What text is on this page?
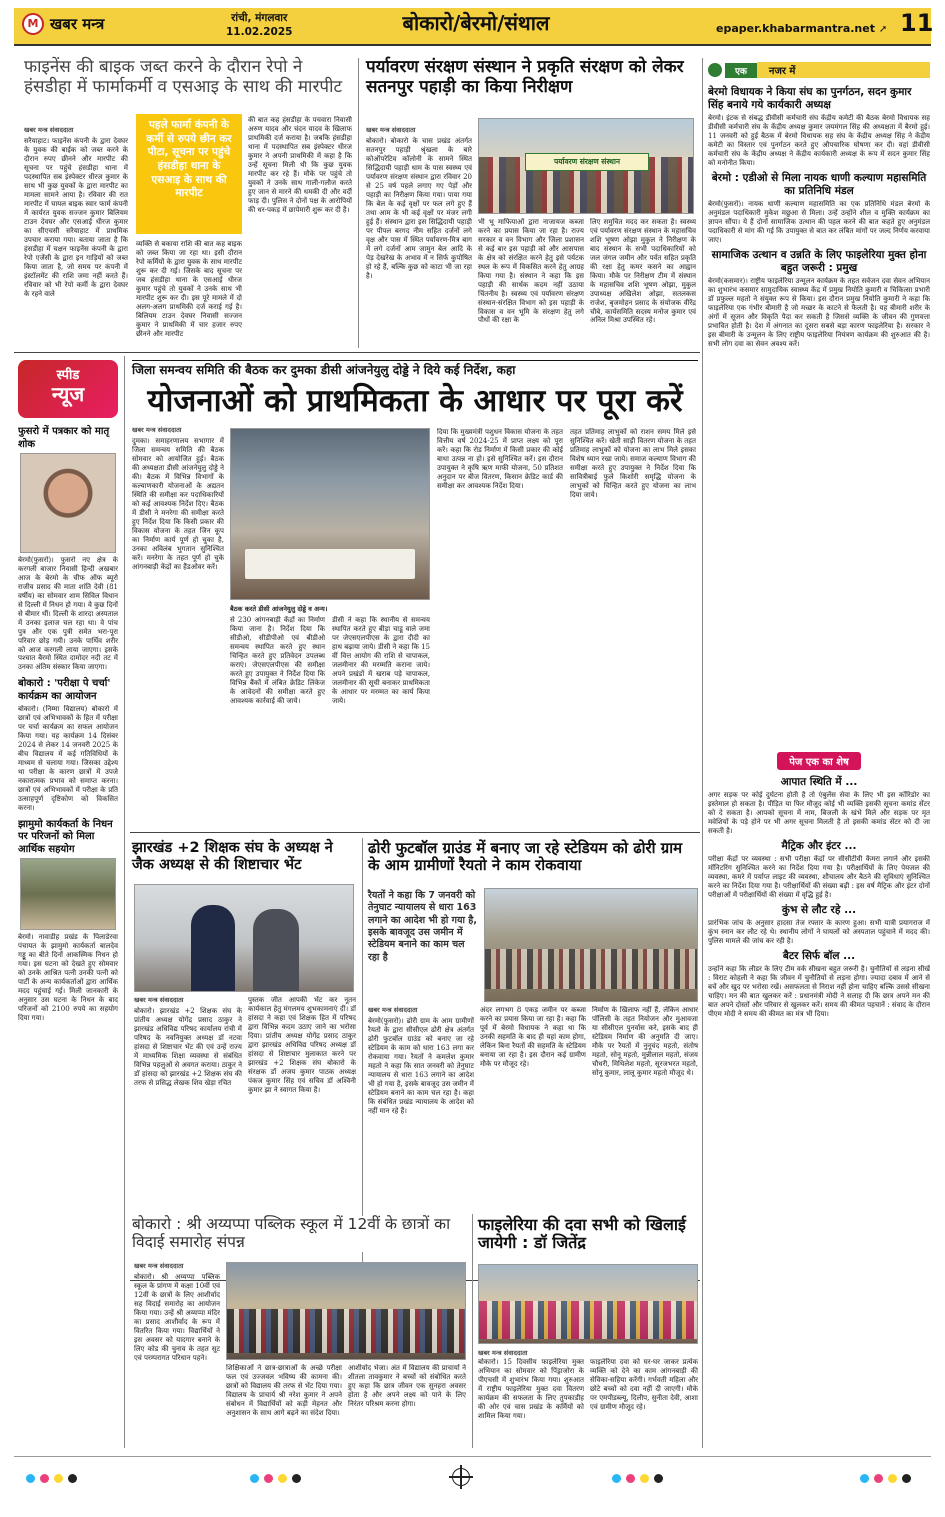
M खबर मन्त्र	रांची, मंगलवार
11.02.2025	बोकारो/बेरमो/संथाल	epaper.khabarmantra.net ➚ 11
फाइनेंस की बाइक जब्त करने के दौरान रेपो ने हंसडीहा में फार्माकर्मी व एसआइ के साथ की मारपीट
खबर मन्त्र संवाददाता
सरैयाहाट। फाइनेंस कंपनी के द्वारा देवघर के युवक की बाईक को जब्त करने के दौरान रुपए छीनने और मारपीट की सूचना पर पहुंचे हंसडीहा थाना में पदस्थापित सब इंस्पेक्टर धीरज कुमार के साथ भी कुछ युवकों के द्वारा मारपीट का मामला सामने आया है। रविवार की रात मारपीट में घायल बाइक स्वार फार्म कंपनी में कार्यरत युवक सज्जन कुमार बिलियम टाउन देवघर और एसआई धीरज कुमार का सीएचसी सरैयाहाट में प्राथमिक उपचार कराया गया। बताया जाता है कि हंसडीहा में चक्षन फाइनेंस कंपनी के द्वारा रेपो एजेंसी के द्वारा इन गाड़ियों को जब्त किया जाता है, जो समय पर कंपनी में इंस्टॉलमेंट की राशि जमा नहीं करते हैं। रविवार को भी रेपो कर्मी के द्वारा देवघर के रहने वाले
पहले फार्मा कंपनी के कर्मी से रुपये छीन कर पीटा, सूचना पर पहुंचे हंसडीहा थाना के एसआइ के साथ की मारपीट
व्यक्ति से बकाया राशि की बात कह बाइक को जब्त किया जा रहा था। इसी दौरान रेपो कर्मियों के द्वारा युवक के साथ मारपीट शुरू कर दी गई। जिसके बाद सूचना पर जब हंसडीहा थाना के एसआई धीरज कुमार पहुंचे तो युवकों ने उनके साथ भी मारपीट शुरू कर दी। इस पूरे मामले में दो अलग-अलग प्राथमिकी दर्ज कराई गई है। बिलियम टाउन देवघर निवासी सज्जन कुमार ने प्राथमिकी में चार हजार रुपए छीनने और मारपीट
की बात कह हंसडीहा के पचवारा निवासी अरुण यादव और चंदन यादव के खिलाफ प्राथमिकी दर्ज कराया है। जबकि हंसडीहा थाना में पदस्थापित सब इंस्पेक्टर धीरज कुमार ने अपनी प्राथमिकी में कहा है कि उन्हें सूचना मिली थी कि कुछ युवक मारपीट कर रहे हैं। मौके पर पहुंचे तो युवकों ने उनके साथ गाली-गलौज करते हुए जान से मारने की धमकी दी और वर्दी फाड़ दी। पुलिस ने दोनों पक्ष के आरोपियों की धर-पकड़ में छापेमारी शुरू कर दी है।
पर्यावरण संरक्षण संस्थान ने प्रकृति संरक्षण को लेकर सतनपुर पहाड़ी का किया निरीक्षण
खबर मन्त्र संवाददाता
बोकारो। बोकारो के चास प्रखंड अंतर्गत सतनपुर पहाड़ी श्रृंखला के बारे कोऑपरेटिव कॉलोनी के सामने स्थित सिद्धिदायी पहाड़ी धाम के पास स्वस्थ्य एवं पर्यावरण संरक्षण संस्थान द्वारा रविवार 20 से 25 वर्ष पहले लगाए गए पेड़ों और पहाड़ी का निरीक्षण किया गया। पाया गया कि बेल के कई वृक्षों पर फल लगे हुए हैं तथा आम के भी कई वृक्षों पर मंजर लगी हुई हैं। संस्थान द्वारा इस सिद्धिदायी पहाड़ी पर पीपल बरगद नीम सहित दर्जनों लगे वृक्ष और पास में स्थित पर्यावरण-मित्र बाग में लगे दर्जनों आम जामुन बेल आदि के पेड़ देखरेख के अभाव में न सिर्फ कुपोषित हो रहे हैं, बल्कि कुछ को काटा भी जा रहा है।
पर्यावरण संरक्षण संस्थान
भी भू माफियाओं द्वारा नाजायज कब्जा करने का प्रयास किया जा रहा है। राज्य सरकार व वन विभाग और जिला प्रशासन से कई बार इस पहाड़ी को और आसपास के क्षेत्र को संरक्षित करने हेतु इसे पर्यटक स्थल के रूप में विकसित करने हेतु आग्रह किया गया है। संस्थान ने कहा कि इस पहाड़ी की सार्थक कदम नहीं उठाया चिंतनीय है। स्वस्थ्य एवं पर्यावरण संरक्षण संस्थान-संरक्षित विभाग को इस पहाड़ी के विकास व वन भूमि के संरक्षण हेतु लगे पौधों की रक्षा के
लिए समुचित मदद कर सकता है। स्वस्थ्य एवं पर्यावरण संरक्षण संस्थान के महासचिव शशि भूषण ओझा मुकुल ने निरीक्षण के बाद संस्थान के सभी पदाधिकारियों को जल जंगल जमीन और पर्वत सहित प्रकृति की रक्षा हेतु कमर कसने का आह्वान किया। मौके पर निरीक्षण टीम में संस्थान के महासचिव शशि भूषण ओझा, मुकुल उपाध्यक्ष अखिलेश ओझा, सतलकस राजेश, बृजमोहन प्रसाद के संयोजक वीरेंद्र चौबे, कार्यसमिति सदस्य मनोज कुमार एवं अनिल मिश्रा उपस्थित रहे।
एक	नजर में
बेरमो विधायक ने किया संघ का पुनर्गठन, सदन कुमार सिंह बनाये गये कार्यकारी अध्यक्ष
बेरमो। इंटक से संबद्ध डीवीसी कर्मचारी संघ केंद्रीय कमेटी की बैठक बेरमो विधायक सह डीवीसी कर्मचारी संघ के केंद्रीय अध्यक्ष कुमार जयमंगल सिंह की अध्यक्षता में बैरमो हुई। 11 जनवरी को हुई बैठक में बेरमो विधायक सह संघ के केंद्रीय अध्यक्ष सिंह ने केंद्रीय कमेटी का विस्तार एवं पुनर्गठन करते हुए औपचारिक घोषणा कर दी। वहां डीवीसी कर्मचारी संघ के केंद्रीय अध्यक्ष ने केंद्रीय कार्यकारी अध्यक्ष के रूप में सदन कुमार सिंह को मनोनीत किया।
बेरमो : एडीओ से मिला नायक धाणी कल्याण महासमिति का प्रतिनिधि मंडल
बेरमो(फुसरो)। नायक धाणी कल्याण महासमिति का एक प्रतिनिधि मंडल बेरमो के अनुमंडल पदाधिकारी मुकेश मछुआ से मिला। उन्हें उन्होंने शील व मुक्ति कार्यक्रम का ज्ञापन सौंपा। ये हैं दोनों सामाजिक उत्थान की पहल करने की बात कहते हुए अनुमंडल पदाधिकारी से मांग की गई कि उपायुक्त से बात कर लंबित मांगों पर जल्द निर्णय करवाया जाए।
सामाजिक उत्थान व उन्नति के लिए फाइलेरिया मुक्त होना बहुत जरूरी : प्रमुख
बेरमो(कसमार)। राष्ट्रीय फाइलेरिया उन्मूलन कार्यक्रम के तहत सर्वजन दवा सेवन अभियान का शुभारंभ कसमार सामुदायिक स्वास्थ्य केंद्र में प्रमुख नियोति कुमारी व चिकित्सा प्रभारी डॉ प्रफुल्ल महतो ने संयुक्त रूप से किया। इस दौरान प्रमुख नियोति कुमारी ने कहा कि फाइलेरिया एक गंभीर बीमारी है जो मच्छर के काटने से फैलती है। यह बीमारी शरीर के अंगों में सूजन और विकृति पैदा कर सकती है जिससे व्यक्ति के जीवन की गुणवत्ता प्रभावित होती है। देश में अंगनात का दूसरा सबसे बड़ा कारण फाइलेरिया है। सरकार ने इस बीमारी के उन्मूलन के लिए राष्ट्रीय फाइलेरिया नियंत्रण कार्यक्रम की शुरुआत की है। सभी लोग दवा का सेवन अवश्य करें।
पेज एक का शेष
आपात स्थिति में ...
अगर सड़क पर कोई दुर्घटना होती है तो एंबुलेंस सेवा के लिए भी इस कॉरिडोर का इस्तेमाल हो सकता है। पीड़ित या फिर मौजूद कोई भी व्यक्ति इसकी सूचना कमांड सेंटर को दे सकता है। आपको सूचना में नाम, बिजली के खंभे मिले और सड़क पर मृत मवेशियों के पड़े होने पर भी अगर सूचना मिलती है तो इसकी कमांड सेंटर को दी जा सकती है।
मैट्रिक और इंटर ...
परीक्षा केंद्रों पर व्यवस्था : सभी परीक्षा केंद्रों पर सीसीटीवी कैमरा लगाने और इसकी मॉनिटरिंग सुनिश्चित करने का निर्देश दिया गया है। परीक्षार्थियों के लिए पेयजल की व्यवस्था, कमरे में पर्याप्त लाइट की व्यवस्था, शौचालय और बैठने की सुविधाएं सुनिश्चित करने का निर्देश दिया गया है। परीक्षार्थियों की संख्या बढ़ी : इस वर्ष मैट्रिक और इंटर दोनों परीक्षाओं में परीक्षार्थियों की संख्या में वृद्धि हुई है।
कुंभ से लौट रहे ...
प्रारंभिक जांच के अनुसार हादसा तेज रफ्तार के कारण हुआ। सभी यात्री प्रयागराज में कुंभ स्नान कर लौट रहे थे। स्थानीय लोगों ने घायलों को अस्पताल पहुंचाने में मदद की। पुलिस मामले की जांच कर रही है।
बैटर सिर्फ बॉल ...
उन्होंने कहा कि लीडर के लिए टीम वर्क सीखना बहुत जरूरी है। चुनौतियों से लड़ना सीखें : विराट कोहली ने कहा कि जीवन में चुनौतियों से लड़ना होगा। ज्यादा दबाव में आने से बचें और खुद पर भरोसा रखें। असफलता से निराश नहीं होना चाहिए बल्कि उससे सीखना चाहिए। मन की बात खुलकर करें : प्रधानमंत्री मोदी ने सलाह दी कि छात्र अपने मन की बात अपने दोस्तों और परिवार से खुलकर करें। समय की कीमत पहचानें : संवाद के दौरान पीएम मोदी ने समय की कीमत का मंत्र भी दिया।
स्पीड
न्यूज
फुसरो में पत्रकार को मातृ शोक
बेरमो(फुसरो)। फुसरो नए क्षेत्र के करगली बाजार निवासी हिन्दी अखबार आज के बेरमो के चीफ ऑफ ब्यूरो राजीव प्रसाद की माता शांति देवी (81 वर्षीय) का सोमवार शाम सिविल विधान से दिल्ली में निधन हो गया। वे कुछ दिनों से बीमार थीं। दिल्ली के शारदा अस्पताल में उनका इलाज चल रहा था। वे पांच पुत्र और एक पुत्री समेत भरा-पूरा परिवार छोड़ गयी। उनके पार्थिव शरीर को आज करगली लाया जाएगा। इसके पश्चात बैरमो स्थित दामोदर नदी तट में उनका अंतिम संस्कार किया जाएगा।
बोकारो : 'परीक्षा पे चर्चा' कार्यक्रम का आयोजन
बोकारो। (निम्मा विद्यालय) बोकारो में छात्रों एवं अभिभावकों के हित में परीक्षा पर चर्चा कार्यक्रम का सफल आयोजन किया गया। यह कार्यक्रम 14 दिसंबर 2024 से लेकर 14 जनवरी 2025 के बीच विद्यालय में कई गतिविधियों के माध्यम से चलाया गया। जिसका उद्देश्य था परीक्षा के कारण छात्रों में उपजे नकारात्मक प्रभाव को समाप्त करना। छात्रों एवं अभिभावकों में परीक्षा के प्रति उत्साहपूर्ण दृष्टिकोण को विकसित करना।
झामुमो कार्यकर्ता के निधन पर परिजनों को मिला आर्थिक सहयोग
बेरमो। नावाडीह प्रखंड के पिलाडेरवा पंचायत के झामुमो कार्यकर्ता बालदेव गड्डू का बीते दिनों आकस्मिक निधन हो गया। इस घटना को देखते हुए सोमवार को उनके आश्रित पत्नी उनकी पत्नी को पार्टी के अन्य कार्यकर्ताओं द्वारा आर्थिक मदद पहुंचाई गई। मिली जानकारी के अनुसार उस घटना के निधन के बाद परिजनों को 2100 रुपये का सहयोग दिया गया।
जिला समन्वय समिति की बैठक कर दुमका डीसी आंजनेयुलु दोड्डे ने दिये कई निर्देश, कहा
योजनाओं को प्राथमिकता के आधार पर पूरा करें
खबर मन्त्र संवाददाता
दुमका। समाहरणालय सभागार में जिला समन्वय समिति की बैठक सोमवार को आयोजित हुई। बैठक की अध्यक्षता डीसी आंजनेयुलु दोड्डे ने की। बैठक में विभिन्न विभागों के कल्याणकारी योजनाओं के अद्यतन स्थिति की समीक्षा कर पदाधिकारियों को कई आवश्यक निर्देश दिए। बैठक में डीसी ने मनरेगा की समीक्षा करते हुए निर्देश दिया कि किसी प्रकार की विकास योजना के तहत जिन कूप का निर्माण कार्य पूर्ण हो चुका है, उनका अविलंब भुगतान सुनिश्चित करें। मनरेगा के तहत पूर्ण हो चुके आंगनबाड़ी केंद्रों का हैंडओवर करें।
बैठक करते डीसी आंजनेयुलु दोड्डे व अन्य।
से 230 आंगनबाड़ी केंद्रों का निर्माण किया जाना है। निर्देश दिया कि सीडीओ, सीडीपीओ एवं बीडीओ समन्वय स्थापित करते हुए स्थान चिन्हित करते हुए प्रतिवेदन उपलब्ध कराएं। जेएसएलपीएस की समीक्षा करते हुए उपायुक्त ने निर्देश दिया कि विभिन्न बैंकों में लंबित क्रेडिट लिंकेज के आवेदनों की समीक्षा करते हुए आवश्यक कार्रवाई की जाये।
डीसी ने कहा कि स्थानीय से समन्वय स्थापित करते हुए बीड़ा चाडू वाले जमा पर जेएसएलपीएस के द्वारा दीदी का हाथ बढ़ाया जाये। डीसी ने कहा कि 15 वीं वित्त आयोग की राशि से चापाकल, जलमीनार की मरम्मति कराना जाये। अपने प्रखंडों में खराब पड़े चापाकल, जलमीनार की सूची बनाकर प्राथमिकता के आधार पर मरम्मत का कार्य किया जाये।
दिया कि मुख्यमंत्री पशुधन विकास योजना के तहत वित्तीय वर्ष 2024-25 में प्राप्त लक्ष्य को पूरा करें। कहा कि रोड निर्माण में किसी प्रकार की कोई बाधा उत्पन्न ना हो। इसे सुनिश्चित करें। इस दौरान उपायुक्त ने कृषि ऋण माफी योजना, 50 प्रतिशत अनुदान पर बीज वितरण, किसान क्रेडिट कार्ड की समीक्षा कर आवश्यक निर्देश दिया।
तहत प्रतिमाह लाभुकों को राशन समय मिले इसे सुनिश्चित करें। खेती साड़ी वितरण योजना के तहत प्रतिमाह लाभुकों को योजना का लाभ मिले इसका विशेष ध्यान रखा जाये। समाज कल्याण विभाग की समीक्षा करते हुए उपायुक्त ने निर्देश दिया कि सावित्रीबाई फुले किशोरी समृद्धि योजना के लाभुकों को चिन्हित करते हुए योजना का लाभ दिया जाये।
झारखंड +2 शिक्षक संघ के अध्यक्ष ने जैक अध्यक्ष से की शिष्टाचार भेंट
खबर मन्त्र संवाददाता
बोकारो। झारखंड +2 शिक्षक संघ के प्रांतीय अध्यक्ष योगेंद्र प्रसाद ठाकुर ने झारखंड अधिविद्य परिषद कार्यालय रांची में परिषद के नवनियुक्त अध्यक्ष डॉ नटवा हांसदा से शिष्टाचार भेंट की एवं उन्हें राज्य में माध्यमिक शिक्षा व्यवस्था से संबंधित विभिन्न पहलुओं से अवगत कराया। ठाकुर ने डॉ हांसदा को झारखंड +2 शिक्षक संघ की तरफ से प्रसिद्ध लेखक शिव खेड़ा रचित
पुस्तक जीत आपकी भेंट कर नूतन कार्यकाल हेतु मंगलमय शुभकामनाएं दीं। डॉ हांसदा ने कहा एवं शिक्षक हित में परिषद द्वारा विभिन्न कदम उठाए जाने का भरोसा दिया। प्रांतीय अध्यक्ष योगेंद्र प्रसाद ठाकुर द्वारा झारखंड अधिविद्य परिषद अध्यक्ष डॉ हांसदा से शिष्टाचार मुलाकात करने पर झारखंड +2 शिक्षक संघ बोकारो के संरक्षक डॉ अजय कुमार पाठक अध्यक्ष पंकज कुमार सिंह एवं सचिव डॉ अश्विनी कुमार झा ने स्वागत किया है।
ढोरी फुटबॉल ग्राउंड में बनाए जा रहे स्टेडियम को ढोरी ग्राम के आम ग्रामीणों रैयतो ने काम रोकवाया
रैयतों ने कहा कि 7 जनवरी को तेनुघाट न्यायालय से धारा 163 लगाने का आदेश भी हो गया है, इसके बावजूद उस जमीन में स्टेडियम बनाने का काम चल रहा है
खबर मन्त्र संवाददाता
बेरमो(फुसरो)। ढोरी ग्राम के आम ग्रामीणों रैयतो के द्वारा सीसीएल ढोरी क्षेत्र अंतर्गत ढोरी फुटबॉल ग्राउंड को बनाए जा रहे स्टेडियम के काम को धारा 163 लगा कर रोकवाया गया। रैयतों ने कमलेश कुमार महतो ने कहा कि सात जनवरी को तेनुघाट न्यायालय से धारा 163 लगाने का आदेश भी हो गया है, इसके बावजूद उस जमीन में स्टेडियम बनाने का काम चल रहा है। कहा कि संबंधित प्रखंड न्यायालय के आदेश को नहीं मान रहे हैं।
अंदर लगभग 8 एकड़ जमीन पर कब्जा करने का प्रयास किया जा रहा है। कहा कि पूर्व में बेरमो विधायक ने कहा था कि उनकी सहमति के बाद ही यहां काम होगा, लेकिन बिना रैयतों की सहमति के स्टेडियम बनाया जा रहा है। इस दौरान कई ग्रामीण मौके पर मौजूद रहे।
निर्माण के खिलाफ नहीं हैं, लेकिन आधार पॉलिसी के तहत नियोजन और मुआवजा या सीसीएल पुनर्वास करे, इसके बाद ही स्टेडियम निर्माण की अनुमति दी जाए। मौके पर रैयतों में नुनूचंद महतो, संतोष महतो, सोनू महतो, मुन्नीलाल महतो, संजय चौधरी, मिथिलेश महतो, सूरजभरत महतो, सोनू कुमार, लालू कुमार महतो मौजूद थे।
बोकारो : श्री अय्यप्पा पब्लिक स्कूल में 12वीं के छात्रों का विदाई समारोह संपन्न
खबर मन्त्र संवाददाता
बोकारो। श्री अय्यप्पा पब्लिक स्कूल के प्रांगण में कक्षा 10वीं एवं 12वीं के छात्रों के लिए आशीर्वाद सह विदाई समारोह का आयोजन किया गया। उन्हें श्री अय्यप्पा मंदिर का प्रसाद आशीर्वाद के रूप में वितरित किया गया। विद्यार्थियों ने इस अवसर को यादगार बनाने के लिए कोड की चुनाव के तहत सूट एवं परम्परागत परिधान पहने।
शिक्षिकाओं ने छात्र-छात्राओं के अच्छे परीक्षा फल एवं उज्जवल भविष्य की कामना की। छात्रों को विद्यालय की तरफ से भेंट दिया गया। विद्यालय के प्राचार्य श्री नरेश कुमार ने अपने संबोधन में विद्यार्थियों को कड़ी मेहनत और अनुशासन के साथ आगे बढ़ने का संदेश दिया।
आशीर्वाद भेजा। अंत में विद्यालय की प्राचार्या ने शीतला तावकुमार ने बच्चों को संबोधित करते हुए कहा कि छात्र जीवन एक सुनहरा अवसर होता है और अपने लक्ष्य को पाने के लिए निरंतर परिश्रम करना होगा।
फाइलेरिया की दवा सभी को खिलाई जायेगी : डॉ जितेंद्र
खबर मन्त्र संवाददाता
बोकारो। 15 दिवसीय फाइलेरिया मुक्त अभियान का सोमवार को पिंड्राजोरा के पीएचसी में शुभारंभ किया गया। शुरुआत में राष्ट्रीय फाइलेरिया मुक्त दवा वितरण कार्यक्रम की सफलता के लिए तुपकाडीह की ओर एवं चास प्रखंड के कर्मियों को शामिल किया गया।
फाइलेरिया दवा को घर-घर जाकर प्रत्येक व्यक्ति को देने का काम आंगनबाड़ी की सेविका-सहिया करेंगी। गर्भवती महिला और छोटे बच्चों को दवा नहीं दी जाएगी। मौके पर एमपीडब्ल्यू, दिलीप, सुनीता देवी, आशा एवं ग्रामीण मौजूद रहे।
